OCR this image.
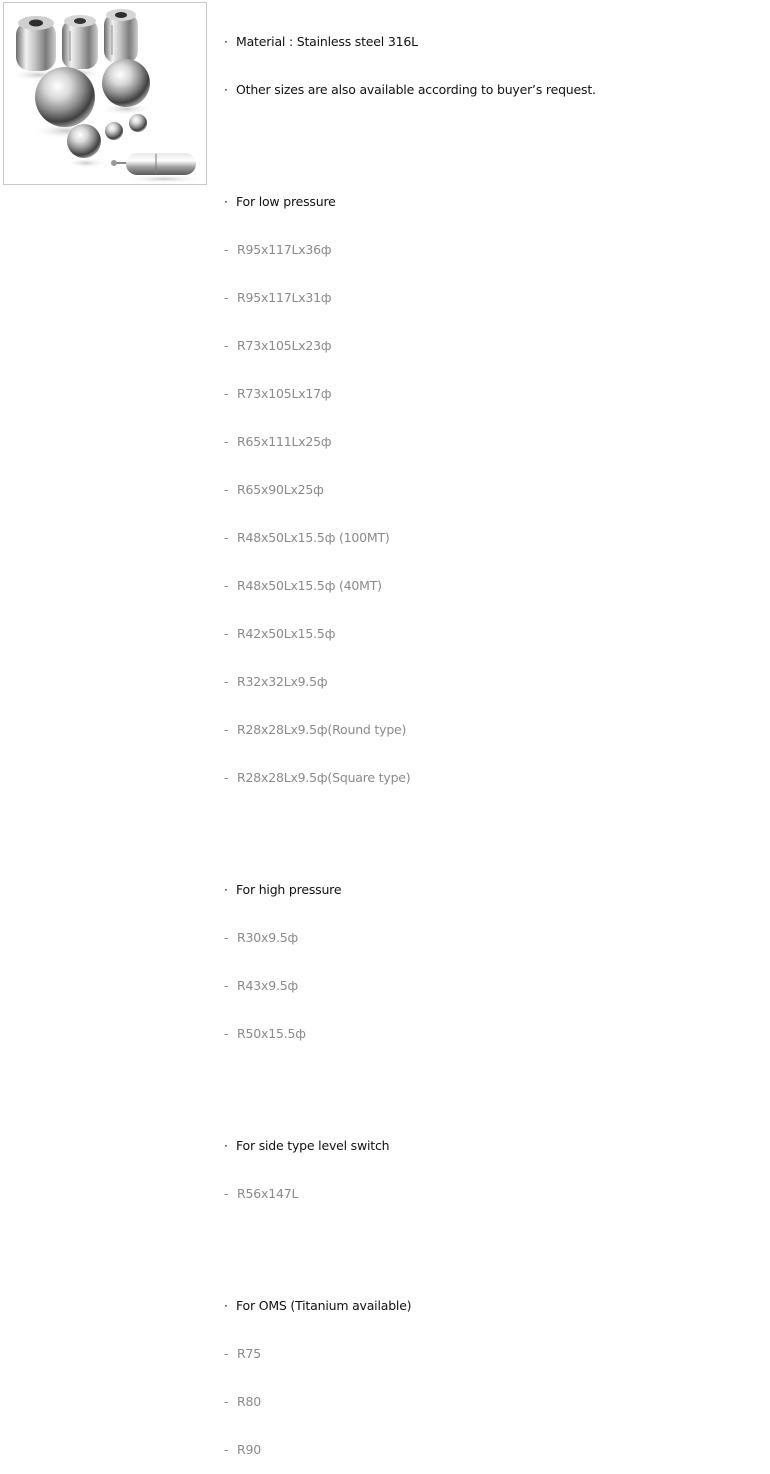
· Material : Stainless steel 316L

· Other sizes are also available according to buyer’s request.

· For low pressure

- R95x117Lx36ф

- R95x117Lx31ф

- R73x105Lx23ф

- R73x105Lx17ф

- R65x111Lx25ф

- R65x90Lx25ф

- R48x50Lx15.5ф (100MT)

- R48x50Lx15.5ф (40MT)

- R42x50Lx15.5ф

- R32x32Lx9.5ф

- R28x28Lx9.5ф(Round type)

- R28x28Lx9.5ф(Square type)

· For high pressure

- R30x9.5ф

- R43x9.5ф

- R50x15.5ф

· For side type level switch

- R56x147L

· For OMS (Titanium available)

- R75

- R80

- R90
